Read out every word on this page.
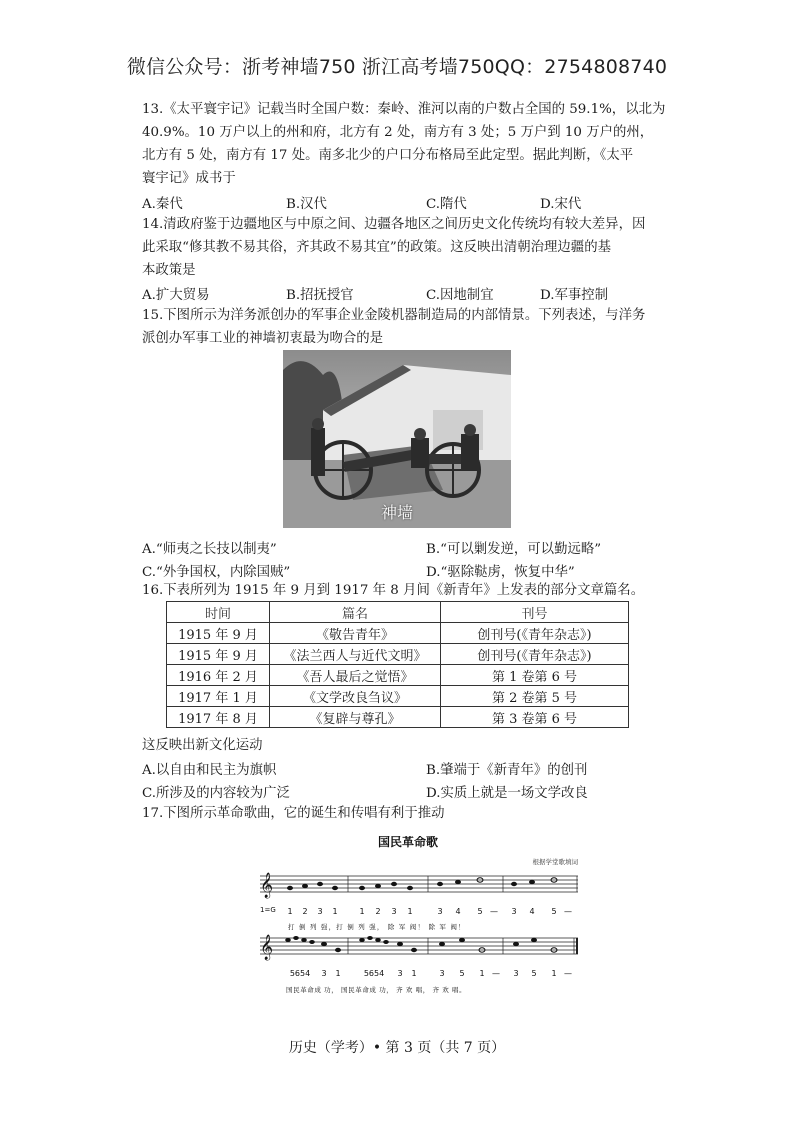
微信公众号：浙考神墙750 浙江高考墙750QQ：2754808740
13.《太平寰宇记》记载当时全国户数：秦岭、淮河以南的户数占全国的 59.1%，以北为
40.9%。10 万户以上的州和府，北方有 2 处，南方有 3 处；5 万户到 10 万户的州，
北方有 5 处，南方有 17 处。南多北少的户口分布格局至此定型。据此判断，《太平
寰宇记》成书于
A.秦代	B.汉代	C.隋代	D.宋代
14.清政府鉴于边疆地区与中原之间、边疆各地区之间历史文化传统均有较大差异，因
此采取“修其教不易其俗，齐其政不易其宜”的政策。这反映出清朝治理边疆的基
本政策是
A.扩大贸易	B.招抚授官	C.因地制宜	D.军事控制
15.下图所示为洋务派创办的军事企业金陵机器制造局的内部情景。下列表述，与洋务
派创办军事工业的神墙初衷最为吻合的是
神墙
A.“师夷之长技以制夷”	B.“可以剿发逆，可以勤远略”
C.“外争国权，内除国贼”	D.“驱除鞑虏，恢复中华”
16.下表所列为 1915 年 9 月到 1917 年 8 月间《新青年》上发表的部分文章篇名。
时间	篇名	刊号
1915 年 9 月	《敬告青年》	创刊号(《青年杂志》)
1915 年 9 月	《法兰西人与近代文明》	创刊号(《青年杂志》)
1916 年 2 月	《吾人最后之觉悟》	第 1 卷第 6 号
1917 年 1 月	《文学改良刍议》	第 2 卷第 5 号
1917 年 8 月	《复辟与尊孔》	第 3 卷第 6 号
这反映出新文化运动
A.以自由和民主为旗帜	B.肇端于《新青年》的创刊
C.所涉及的内容较为广泛	D.实质上就是一场文学改良
17.下图所示革命歌曲，它的诞生和传唱有利于推动
国民革命歌
根据学堂歌填词
𝄞
1=G 1 2 3 1	1 2 3 1	3 4 5 — 3 4 5 —
打 倒 列 强，打 倒 列 强， 除 军 阀！ 除 军 阀！
𝄞
5654 3 1	5654 3 1	3 5 1 — 3 5 1 —
国民革命成 功， 国民革命成 功， 齐 欢 唱， 齐 欢 唱。
历史（学考）• 第 3 页（共 7 页）
